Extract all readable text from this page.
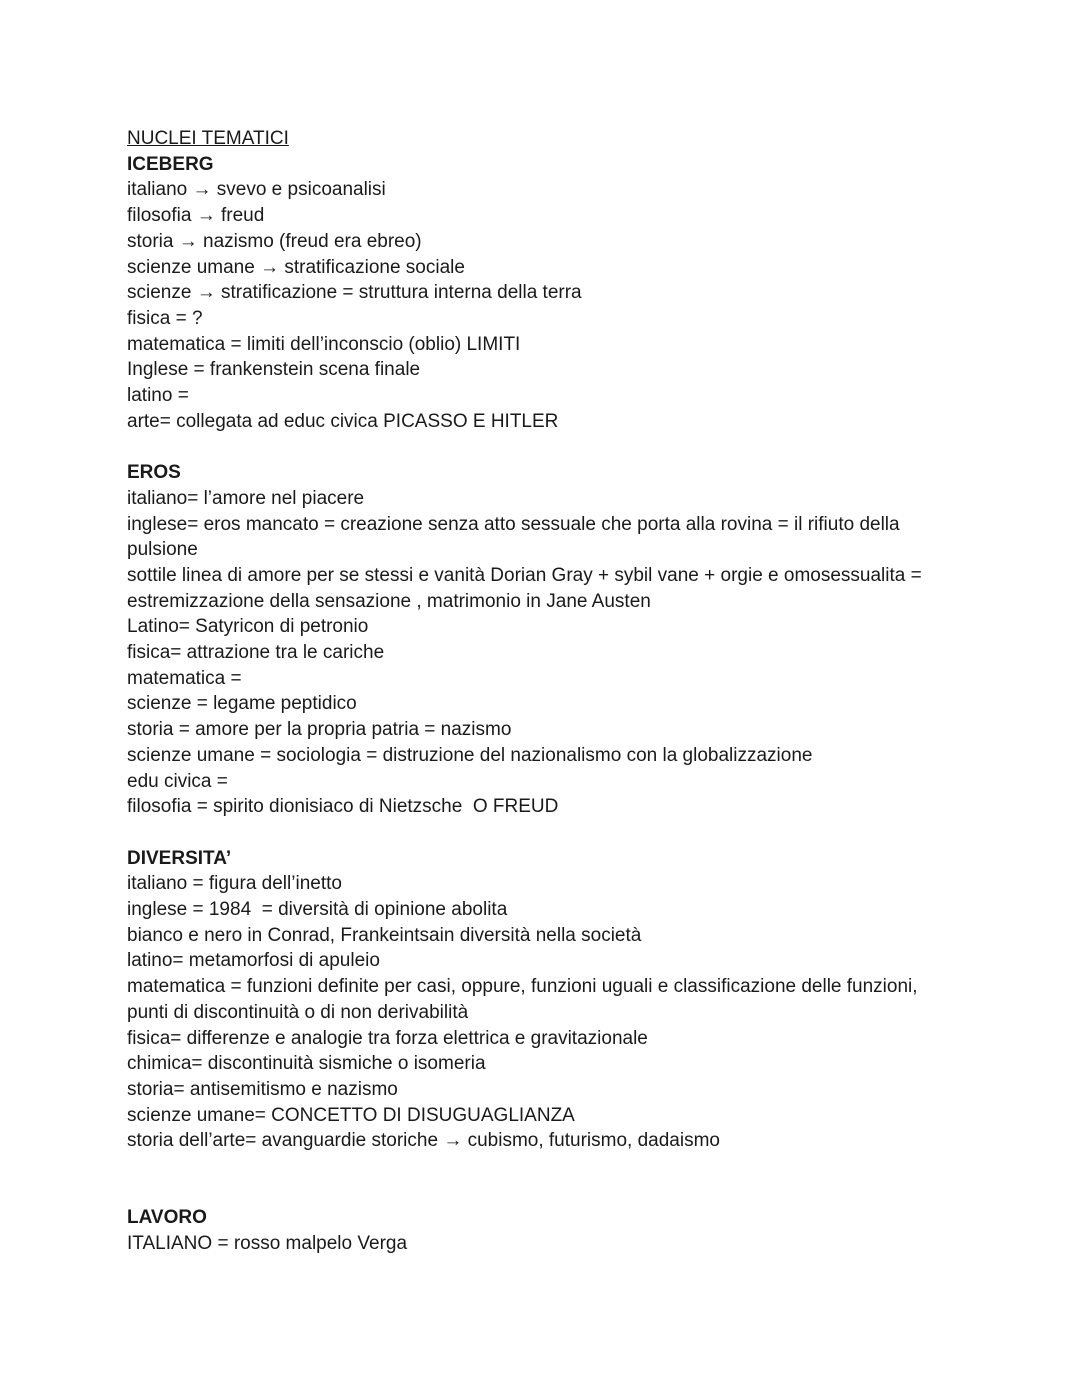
NUCLEI TEMATICI
ICEBERG
italiano → svevo e psicoanalisi
filosofia → freud
storia → nazismo (freud era ebreo)
scienze umane → stratificazione sociale
scienze → stratificazione = struttura interna della terra
fisica = ?
matematica = limiti dell’inconscio (oblio) LIMITI
Inglese = frankenstein scena finale
latino =
arte= collegata ad educ civica PICASSO E HITLER
EROS
italiano= l’amore nel piacere
inglese= eros mancato = creazione senza atto sessuale che porta alla rovina = il rifiuto della pulsione
sottile linea di amore per se stessi e vanità Dorian Gray + sybil vane + orgie e omosessualita = estremizzazione della sensazione , matrimonio in Jane Austen
Latino= Satyricon di petronio
fisica= attrazione tra le cariche
matematica =
scienze = legame peptidico
storia = amore per la propria patria = nazismo
scienze umane = sociologia = distruzione del nazionalismo con la globalizzazione
edu civica =
filosofia = spirito dionisiaco di Nietzsche  O FREUD
DIVERSITA’
italiano = figura dell’inetto
inglese = 1984  = diversità di opinione abolita
bianco e nero in Conrad, Frankeintsain diversità nella società
latino= metamorfosi di apuleio
matematica = funzioni definite per casi, oppure, funzioni uguali e classificazione delle funzioni, punti di discontinuità o di non derivabilità
fisica= differenze e analogie tra forza elettrica e gravitazionale
chimica= discontinuità sismiche o isomeria
storia= antisemitismo e nazismo
scienze umane= CONCETTO DI DISUGUAGLIANZA
storia dell’arte= avanguardie storiche → cubismo, futurismo, dadaismo
LAVORO
ITALIANO = rosso malpelo Verga
